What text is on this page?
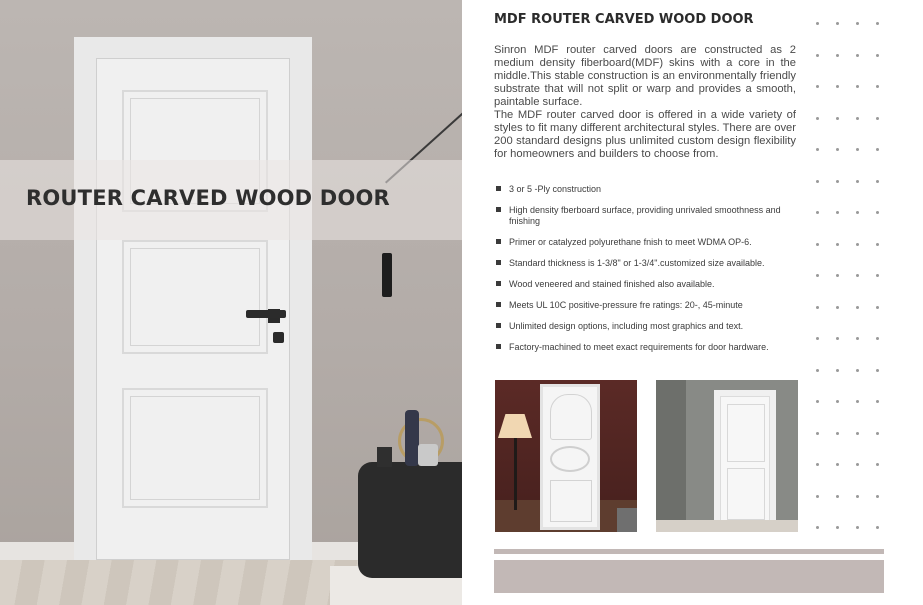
ROUTER CARVED WOOD DOOR
MDF ROUTER CARVED WOOD DOOR

Sinron MDF router carved doors are constructed as 2 medium density fiberboard(MDF) skins with a core in the middle.This stable construction is an environmentally friendly substrate that will not split or warp and provides a smooth, paintable surface.

The MDF router carved door is offered in a wide variety of styles to fit many different architectural styles. There are over 200 standard designs plus unlimited custom design flexibility for homeowners and builders to choose from.

3 or 5 -Ply construction
High density fberboard surface, providing unrivaled smoothness and fnishing
Primer or catalyzed polyurethane fnish to meet WDMA OP-6.
Standard thickness is 1-3/8" or 1-3/4".customized size available.
Wood veneered and stained finished also available.
Meets UL 10C positive-pressure fre ratings: 20-, 45-minute
Unlimited design options, including most graphics and text.
Factory-machined to meet exact requirements for door hardware.
